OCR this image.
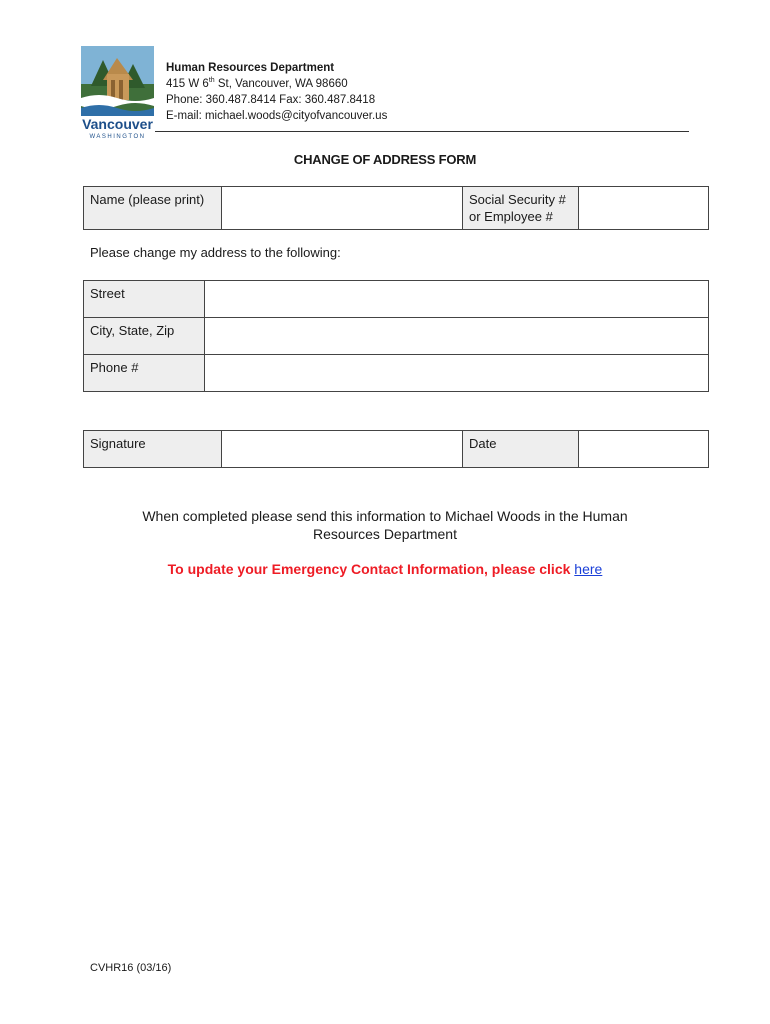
Vancouver
WASHINGTON
Human Resources Department
415 W 6th St, Vancouver, WA 98660
Phone: 360.487.8414 Fax: 360.487.8418
E-mail: michael.woods@cityofvancouver.us
CHANGE OF ADDRESS FORM
Name (please print)		Social Security #
or Employee #

Please change my address to the following:
Street	
City, State, Zip	
Phone #	
Signature		Date	
When completed please send this information to Michael Woods in the Human
Resources Department
To update your Emergency Contact Information, please click here
CVHR16 (03/16)
